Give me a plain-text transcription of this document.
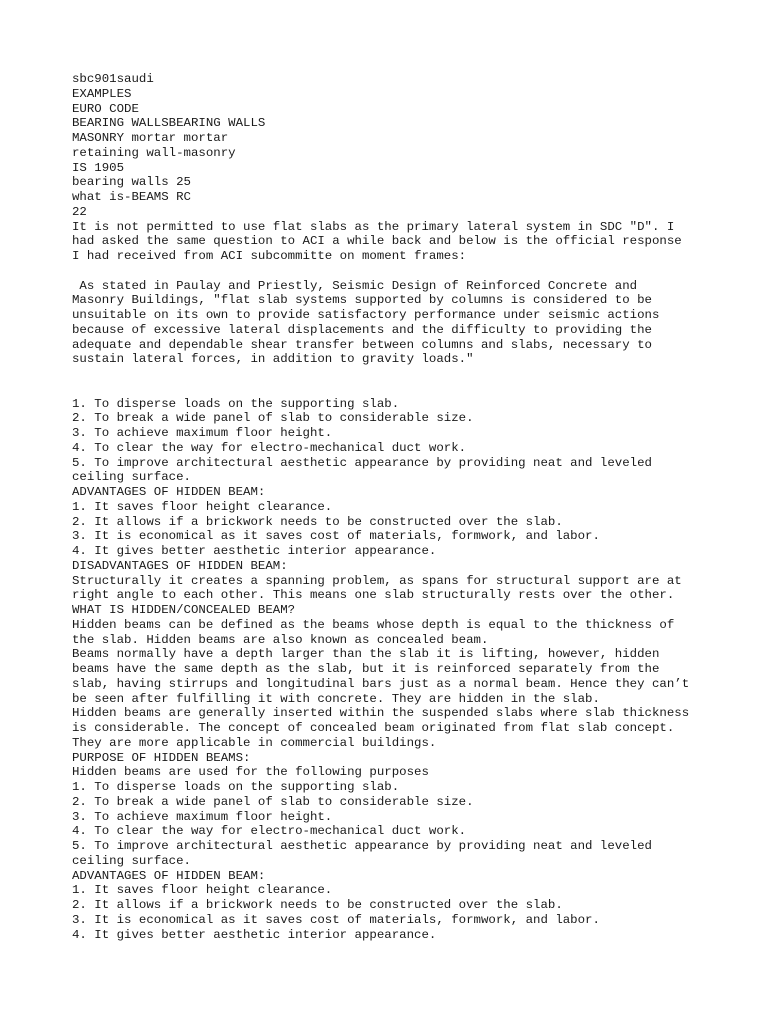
sbc901saudi
EXAMPLES
EURO CODE
BEARING WALLSBEARING WALLS
MASONRY mortar mortar
retaining wall-masonry
IS 1905
bearing walls 25
what is-BEAMS RC
22
It is not permitted to use flat slabs as the primary lateral system in SDC "D". I
had asked the same question to ACI a while back and below is the official response
I had received from ACI subcommitte on moment frames:
As stated in Paulay and Priestly, Seismic Design of Reinforced Concrete and
Masonry Buildings, "flat slab systems supported by columns is considered to be
unsuitable on its own to provide satisfactory performance under seismic actions
because of excessive lateral displacements and the difficulty to providing the
adequate and dependable shear transfer between columns and slabs, necessary to
sustain lateral forces, in addition to gravity loads."
1. To disperse loads on the supporting slab.
2. To break a wide panel of slab to considerable size.
3. To achieve maximum floor height.
4. To clear the way for electro-mechanical duct work.
5. To improve architectural aesthetic appearance by providing neat and leveled
ceiling surface.
ADVANTAGES OF HIDDEN BEAM:
1. It saves floor height clearance.
2. It allows if a brickwork needs to be constructed over the slab.
3. It is economical as it saves cost of materials, formwork, and labor.
4. It gives better aesthetic interior appearance.
DISADVANTAGES OF HIDDEN BEAM:
Structurally it creates a spanning problem, as spans for structural support are at
right angle to each other. This means one slab structurally rests over the other.
WHAT IS HIDDEN/CONCEALED BEAM?
Hidden beams can be defined as the beams whose depth is equal to the thickness of
the slab. Hidden beams are also known as concealed beam.
Beams normally have a depth larger than the slab it is lifting, however, hidden
beams have the same depth as the slab, but it is reinforced separately from the
slab, having stirrups and longitudinal bars just as a normal beam. Hence they can’t
be seen after fulfilling it with concrete. They are hidden in the slab.
Hidden beams are generally inserted within the suspended slabs where slab thickness
is considerable. The concept of concealed beam originated from flat slab concept.
They are more applicable in commercial buildings.
PURPOSE OF HIDDEN BEAMS:
Hidden beams are used for the following purposes
1. To disperse loads on the supporting slab.
2. To break a wide panel of slab to considerable size.
3. To achieve maximum floor height.
4. To clear the way for electro-mechanical duct work.
5. To improve architectural aesthetic appearance by providing neat and leveled
ceiling surface.
ADVANTAGES OF HIDDEN BEAM:
1. It saves floor height clearance.
2. It allows if a brickwork needs to be constructed over the slab.
3. It is economical as it saves cost of materials, formwork, and labor.
4. It gives better aesthetic interior appearance.
